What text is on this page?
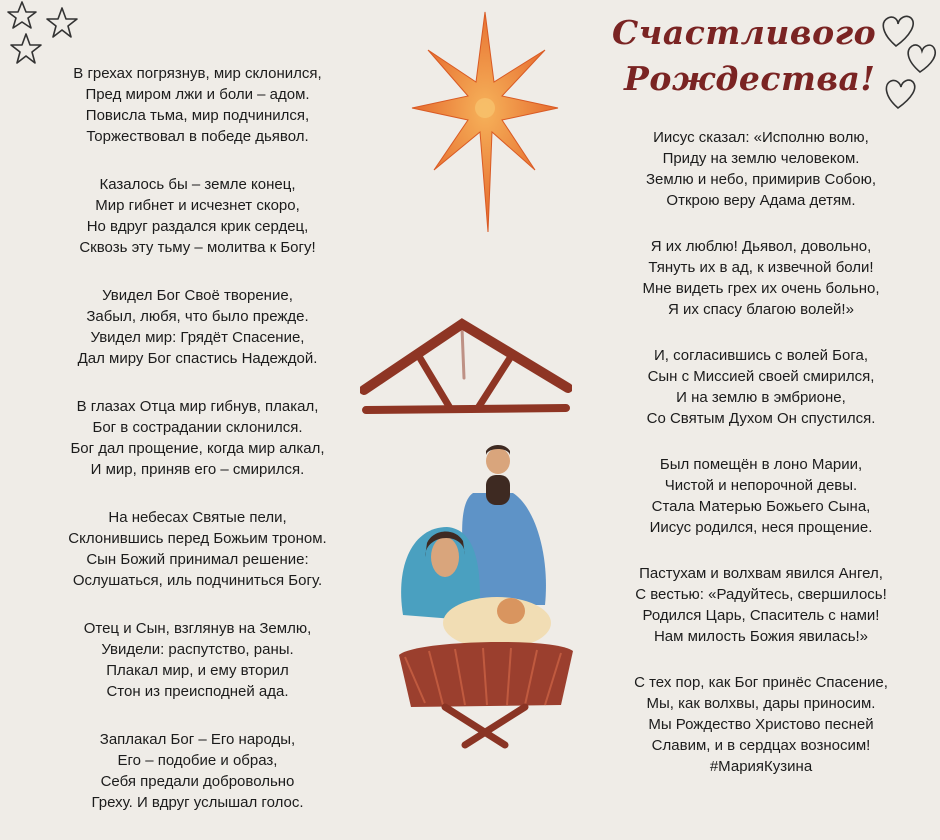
Счастливого
Рождества!
В грехах погрязнув, мир склонился,
Пред миром лжи и боли – адом.
Повисла тьма, мир подчинился,
Торжествовал в победе дьявол.
Казалось бы – земле конец,
Мир гибнет и исчезнет скоро,
Но вдруг раздался крик сердец,
Сквозь эту тьму – молитва к Богу!
Увидел Бог Своё творение,
Забыл, любя, что было прежде.
Увидел мир: Грядёт Спасение,
Дал миру Бог спастись Надеждой.
В глазах Отца мир гибнув, плакал,
Бог в сострадании склонился.
Бог дал прощение, когда мир алкал,
И мир, приняв его – смирился.
На небесах Святые пели,
Склонившись перед Божьим троном.
Сын Божий принимал решение:
Ослушаться, иль подчиниться Богу.
Отец и Сын, взглянув на Землю,
Увидели: распутство, раны.
Плакал мир, и ему вторил
Стон из преисподней ада.
Заплакал Бог – Его народы,
Его – подобие и образ,
Себя предали добровольно
Греху. И вдруг услышал голос.
Иисус сказал: «Исполню волю,
Приду на землю человеком.
Землю и небо, примирив Собою,
Открою веру Адама детям.
Я их люблю! Дьявол, довольно,
Тянуть их в ад, к извечной боли!
Мне видеть грех их очень больно,
Я их спасу благою волей!»
И, согласившись с волей Бога,
Сын с Миссией своей смирился,
И на землю в эмбрионе,
Со Святым Духом Он спустился.
Был помещён в лоно Марии,
Чистой и непорочной девы.
Стала Матерью Божьего Сына,
Иисус родился, неся прощение.
Пастухам и волхвам явился Ангел,
С вестью: «Радуйтесь, свершилось!
Родился Царь, Спаситель с нами!
Нам милость Божия явилась!»
С тех пор, как Бог принёс Спасение,
Мы, как волхвы, дары приносим.
Мы Рождество Христово песней
Славим, и в сердцах возносим!
#МарияКузина
